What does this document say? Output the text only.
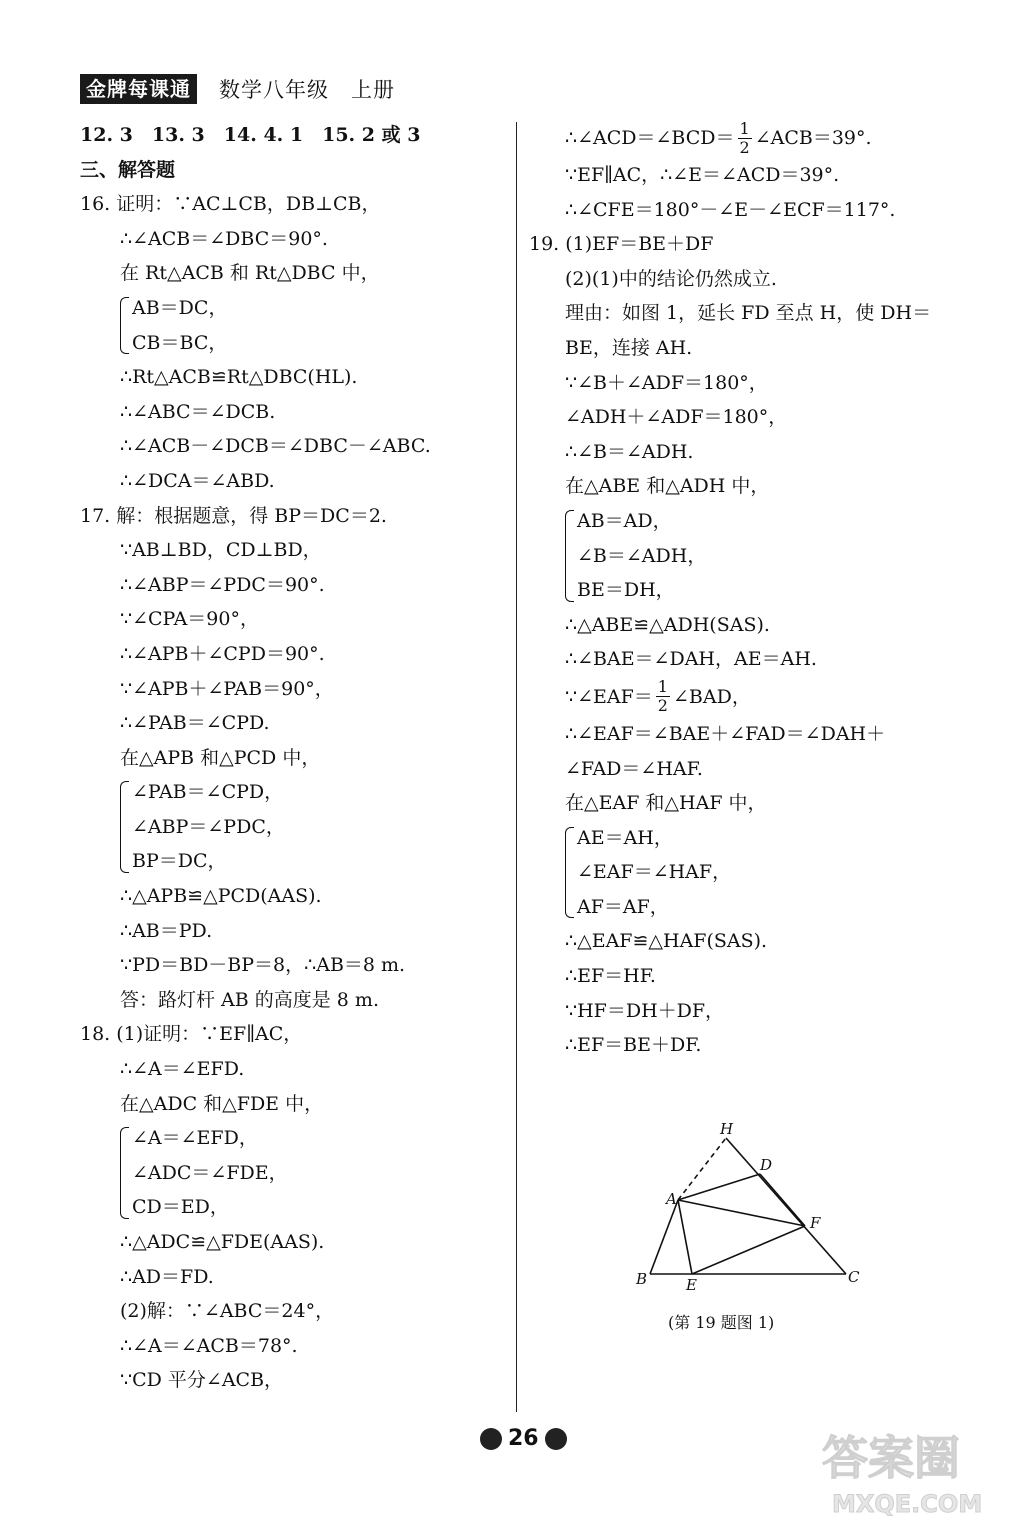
金牌每课通 数学八年级　上册
12. 3　13. 3　14. 4. 1　15. 2 或 3
三、解答题
16. 证明：∵AC⊥CB，DB⊥CB，
∴∠ACB＝∠DBC＝90°.
在 Rt△ACB 和 Rt△DBC 中，
AB＝DC，
CB＝BC，
∴Rt△ACB≌Rt△DBC(HL).
∴∠ABC＝∠DCB.
∴∠ACB－∠DCB＝∠DBC－∠ABC.
∴∠DCA＝∠ABD.
17. 解：根据题意，得 BP＝DC＝2.
∵AB⊥BD，CD⊥BD，
∴∠ABP＝∠PDC＝90°.
∵∠CPA＝90°，
∴∠APB＋∠CPD＝90°.
∵∠APB＋∠PAB＝90°，
∴∠PAB＝∠CPD.
在△APB 和△PCD 中，
∠PAB＝∠CPD，
∠ABP＝∠PDC，
BP＝DC，
∴△APB≌△PCD(AAS).
∴AB＝PD.
∵PD＝BD－BP＝8，∴AB＝8 m.
答：路灯杆 AB 的高度是 8 m.
18. (1)证明：∵EF∥AC，
∴∠A＝∠EFD.
在△ADC 和△FDE 中，
∠A＝∠EFD，
∠ADC＝∠FDE，
CD＝ED，
∴△ADC≌△FDE(AAS).
∴AD＝FD.
(2)解：∵∠ABC＝24°，
∴∠A＝∠ACB＝78°.
∵CD 平分∠ACB，
∴∠ACD＝∠BCD＝ $\frac{1}{2}$ ∠ACB＝39°.
∵EF∥AC，∴∠E＝∠ACD＝39°.
∴∠CFE＝180°－∠E－∠ECF＝117°.
19. (1)EF＝BE＋DF
(2)(1)中的结论仍然成立.
理由：如图 1，延长 FD 至点 H，使 DH＝
BE，连接 AH.
∵∠B＋∠ADF＝180°，
∠ADH＋∠ADF＝180°，
∴∠B＝∠ADH.
在△ABE 和△ADH 中，
AB＝AD，
∠B＝∠ADH，
BE＝DH，
∴△ABE≌△ADH(SAS).
∴∠BAE＝∠DAH，AE＝AH.
∵∠EAF＝ $\frac{1}{2}$ ∠BAD，
∴∠EAF＝∠BAE＋∠FAD＝∠DAH＋
∠FAD＝∠HAF.
在△EAF 和△HAF 中，
AE＝AH，
∠EAF＝∠HAF，
AF＝AF，
∴△EAF≌△HAF(SAS).
∴EF＝HF.
∵HF＝DH＋DF，
∴EF＝BE＋DF.
H
D
A
F
B	E	C
(第 19 题图 1)
26	答案圈
MXQE.COM
